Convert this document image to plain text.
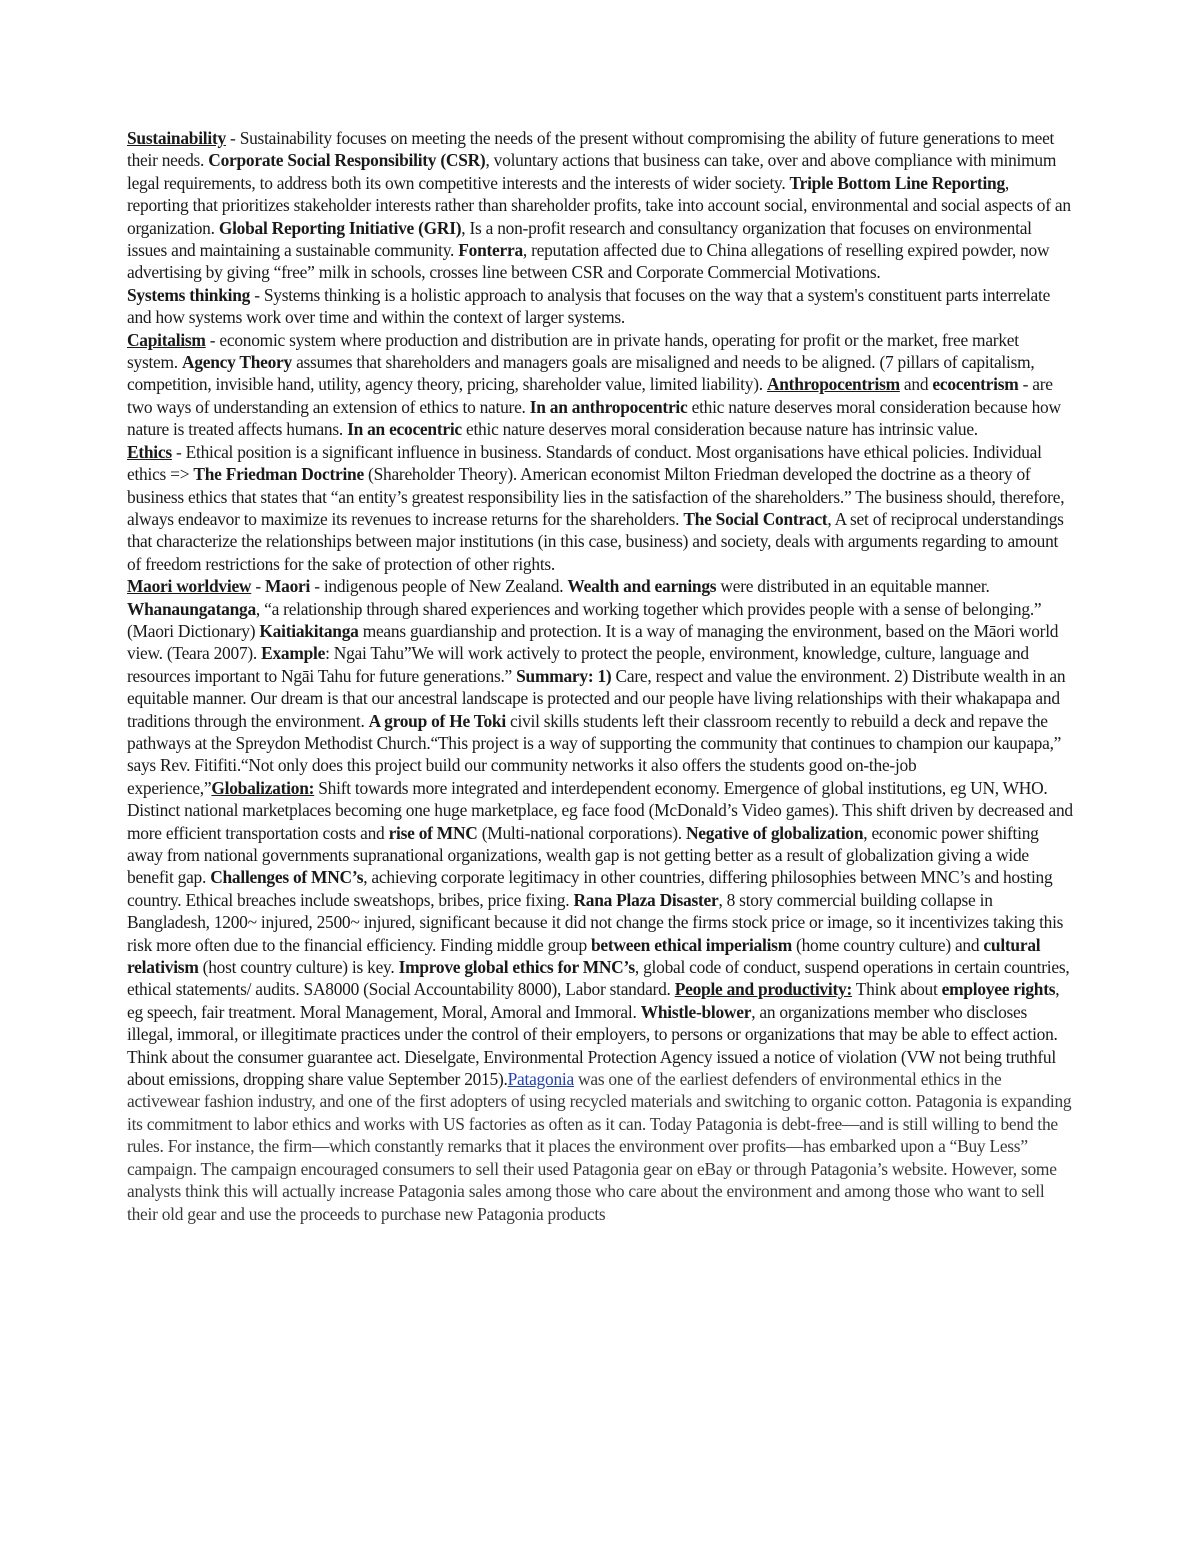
Sustainability - Sustainability focuses on meeting the needs of the present without compromising the ability of future generations to meet their needs. Corporate Social Responsibility (CSR), voluntary actions that business can take, over and above compliance with minimum legal requirements, to address both its own competitive interests and the interests of wider society. Triple Bottom Line Reporting, reporting that prioritizes stakeholder interests rather than shareholder profits, take into account social, environmental and social aspects of an organization. Global Reporting Initiative (GRI), Is a non-profit research and consultancy organization that focuses on environmental issues and maintaining a sustainable community. Fonterra, reputation affected due to China allegations of reselling expired powder, now advertising by giving “free” milk in schools, crosses line between CSR and Corporate Commercial Motivations.

Systems thinking - Systems thinking is a holistic approach to analysis that focuses on the way that a system's constituent parts interrelate and how systems work over time and within the context of larger systems.

Capitalism - economic system where production and distribution are in private hands, operating for profit or the market, free market system. Agency Theory assumes that shareholders and managers goals are misaligned and needs to be aligned. (7 pillars of capitalism, competition, invisible hand, utility, agency theory, pricing, shareholder value, limited liability). Anthropocentrism and ecocentrism - are two ways of understanding an extension of ethics to nature. In an anthropocentric ethic nature deserves moral consideration because how nature is treated affects humans. In an ecocentric ethic nature deserves moral consideration because nature has intrinsic value.

Ethics - Ethical position is a significant influence in business. Standards of conduct. Most organisations have ethical policies. Individual ethics => The Friedman Doctrine (Shareholder Theory). American economist Milton Friedman developed the doctrine as a theory of business ethics that states that “an entity’s greatest responsibility lies in the satisfaction of the shareholders.” The business should, therefore, always endeavor to maximize its revenues to increase returns for the shareholders. The Social Contract, A set of reciprocal understandings that characterize the relationships between major institutions (in this case, business) and society, deals with arguments regarding to amount of freedom restrictions for the sake of protection of other rights.

Maori worldview - Maori - indigenous people of New Zealand. Wealth and earnings were distributed in an equitable manner. Whanaungatanga, “a relationship through shared experiences and working together which provides people with a sense of belonging.” (Maori Dictionary) Kaitiakitanga means guardianship and protection. It is a way of managing the environment, based on the Māori world view. (Teara 2007). Example: Ngai Tahu”We will work actively to protect the people, environment, knowledge, culture, language and resources important to Ngāi Tahu for future generations.” Summary: 1) Care, respect and value the environment. 2) Distribute wealth in an equitable manner. Our dream is that our ancestral landscape is protected and our people have living relationships with their whakapapa and traditions through the environment. A group of He Toki civil skills students left their classroom recently to rebuild a deck and repave the pathways at the Spreydon Methodist Church.“This project is a way of supporting the community that continues to champion our kaupapa,” says Rev. Fitifiti.“Not only does this project build our community networks it also offers the students good on-the-job experience,”Globalization: Shift towards more integrated and interdependent economy. Emergence of global institutions, eg UN, WHO. Distinct national marketplaces becoming one huge marketplace, eg face food (McDonald’s Video games). This shift driven by decreased and more efficient transportation costs and rise of MNC (Multi-national corporations). Negative of globalization, economic power shifting away from national governments supranational organizations, wealth gap is not getting better as a result of globalization giving a wide benefit gap. Challenges of MNC’s, achieving corporate legitimacy in other countries, differing philosophies between MNC’s and hosting country. Ethical breaches include sweatshops, bribes, price fixing. Rana Plaza Disaster, 8 story commercial building collapse in Bangladesh, 1200~ injured, 2500~ injured, significant because it did not change the firms stock price or image, so it incentivizes taking this risk more often due to the financial efficiency. Finding middle group between ethical imperialism (home country culture) and cultural relativism (host country culture) is key. Improve global ethics for MNC’s, global code of conduct, suspend operations in certain countries, ethical statements/ audits. SA8000 (Social Accountability 8000), Labor standard. People and productivity: Think about employee rights, eg speech, fair treatment. Moral Management, Moral, Amoral and Immoral. Whistle-blower, an organizations member who discloses illegal, immoral, or illegitimate practices under the control of their employers, to persons or organizations that may be able to effect action. Think about the consumer guarantee act. Dieselgate, Environmental Protection Agency issued a notice of violation (VW not being truthful about emissions, dropping share value September 2015).Patagonia was one of the earliest defenders of environmental ethics in the activewear fashion industry, and one of the first adopters of using recycled materials and switching to organic cotton. Patagonia is expanding its commitment to labor ethics and works with US factories as often as it can. Today Patagonia is debt-free—and is still willing to bend the rules. For instance, the firm—which constantly remarks that it places the environment over profits—has embarked upon a “Buy Less” campaign. The campaign encouraged consumers to sell their used Patagonia gear on eBay or through Patagonia’s website. However, some analysts think this will actually increase Patagonia sales among those who care about the environment and among those who want to sell their old gear and use the proceeds to purchase new Patagonia products
